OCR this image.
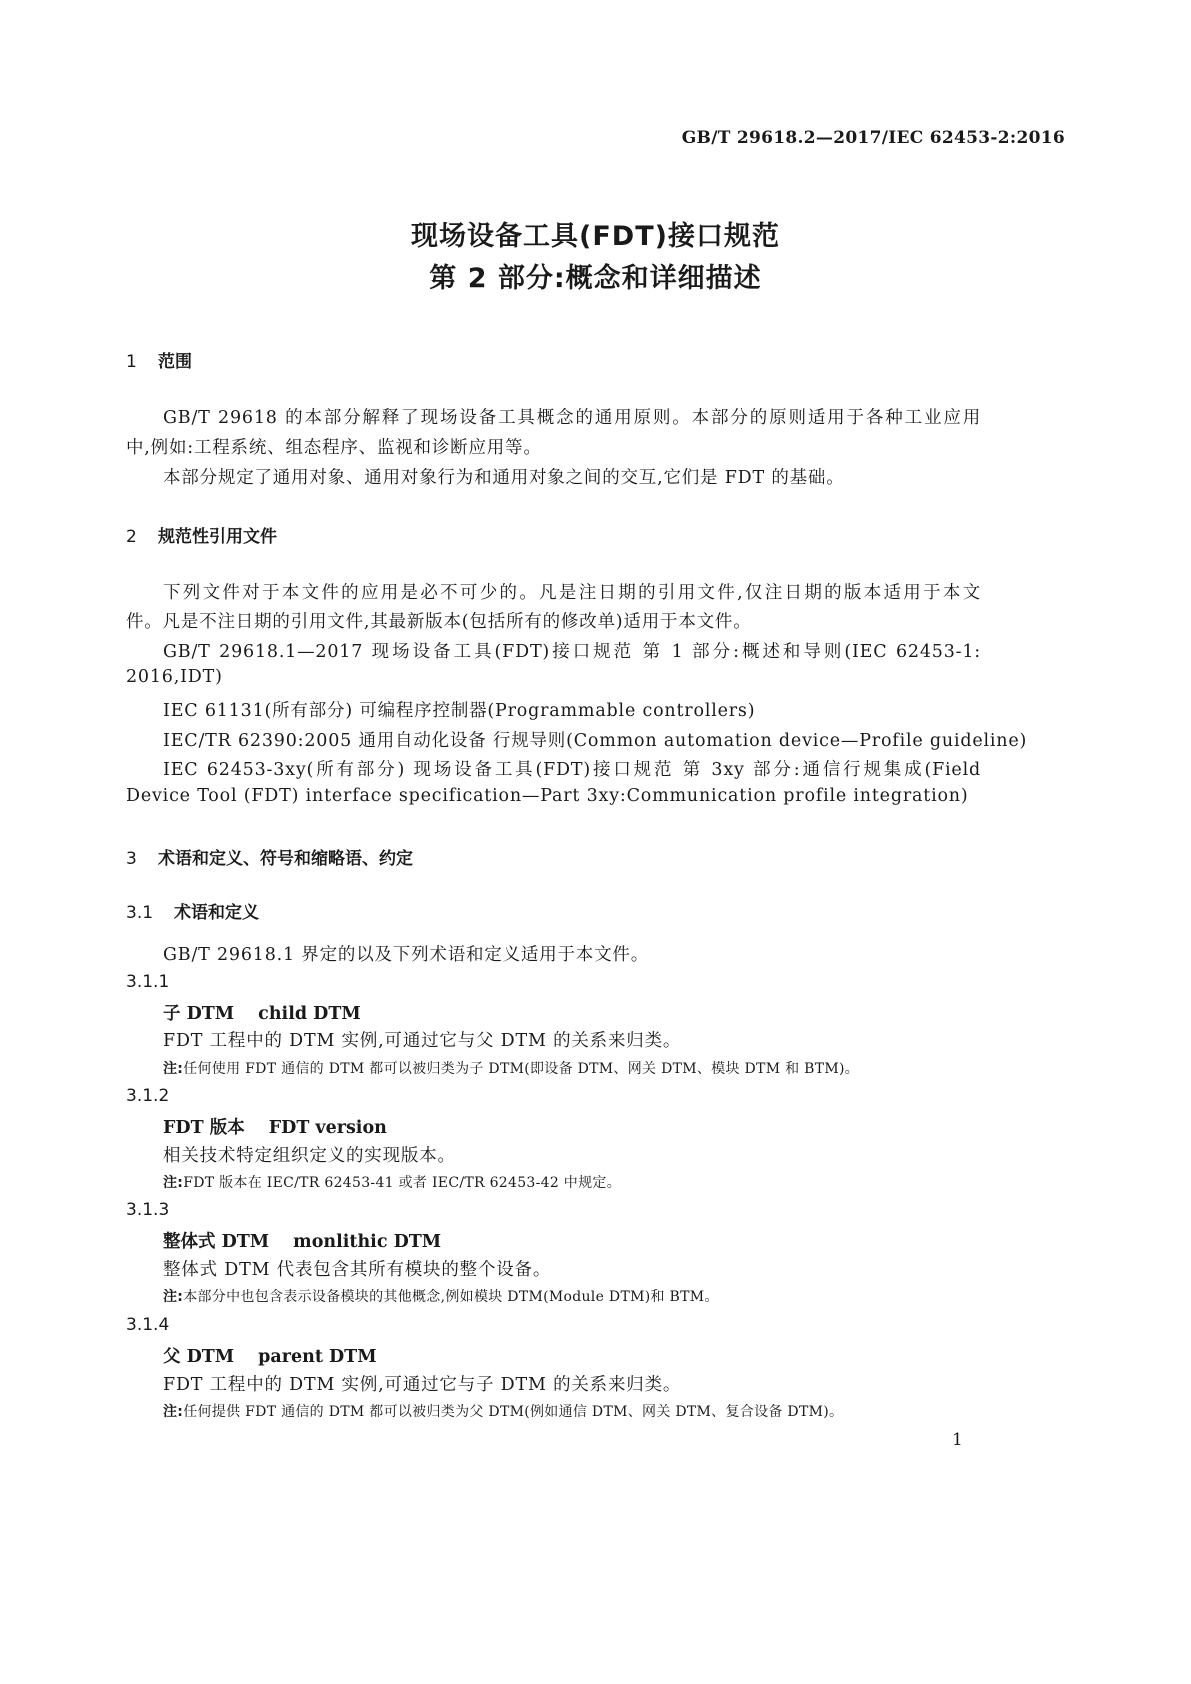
GB/T 29618.2—2017/IEC 62453-2:2016
现场设备工具(FDT)接口规范
第 2 部分:概念和详细描述
1 范围
GB/T 29618 的本部分解释了现场设备工具概念的通用原则。本部分的原则适用于各种工业应用
中,例如:工程系统、组态程序、监视和诊断应用等。
本部分规定了通用对象、通用对象行为和通用对象之间的交互,它们是 FDT 的基础。
2 规范性引用文件
下列文件对于本文件的应用是必不可少的。凡是注日期的引用文件,仅注日期的版本适用于本文
件。凡是不注日期的引用文件,其最新版本(包括所有的修改单)适用于本文件。
GB/T 29618.1—2017 现场设备工具(FDT)接口规范 第 1 部分:概述和导则(IEC 62453-1:
2016,IDT)
IEC 61131(所有部分) 可编程序控制器(Programmable controllers)
IEC/TR 62390:2005 通用自动化设备 行规导则(Common automation device—Profile guideline)
IEC 62453-3xy(所有部分) 现场设备工具(FDT)接口规范 第 3xy 部分:通信行规集成(Field
Device Tool (FDT) interface specification—Part 3xy:Communication profile integration)
3 术语和定义、符号和缩略语、约定
3.1 术语和定义
GB/T 29618.1 界定的以及下列术语和定义适用于本文件。
3.1.1
子 DTM child DTM
FDT 工程中的 DTM 实例,可通过它与父 DTM 的关系来归类。
注:任何使用 FDT 通信的 DTM 都可以被归类为子 DTM(即设备 DTM、网关 DTM、模块 DTM 和 BTM)。
3.1.2
FDT 版本 FDT version
相关技术特定组织定义的实现版本。
注:FDT 版本在 IEC/TR 62453-41 或者 IEC/TR 62453-42 中规定。
3.1.3
整体式 DTM monlithic DTM
整体式 DTM 代表包含其所有模块的整个设备。
注:本部分中也包含表示设备模块的其他概念,例如模块 DTM(Module DTM)和 BTM。
3.1.4
父 DTM parent DTM
FDT 工程中的 DTM 实例,可通过它与子 DTM 的关系来归类。
注:任何提供 FDT 通信的 DTM 都可以被归类为父 DTM(例如通信 DTM、网关 DTM、复合设备 DTM)。
1
